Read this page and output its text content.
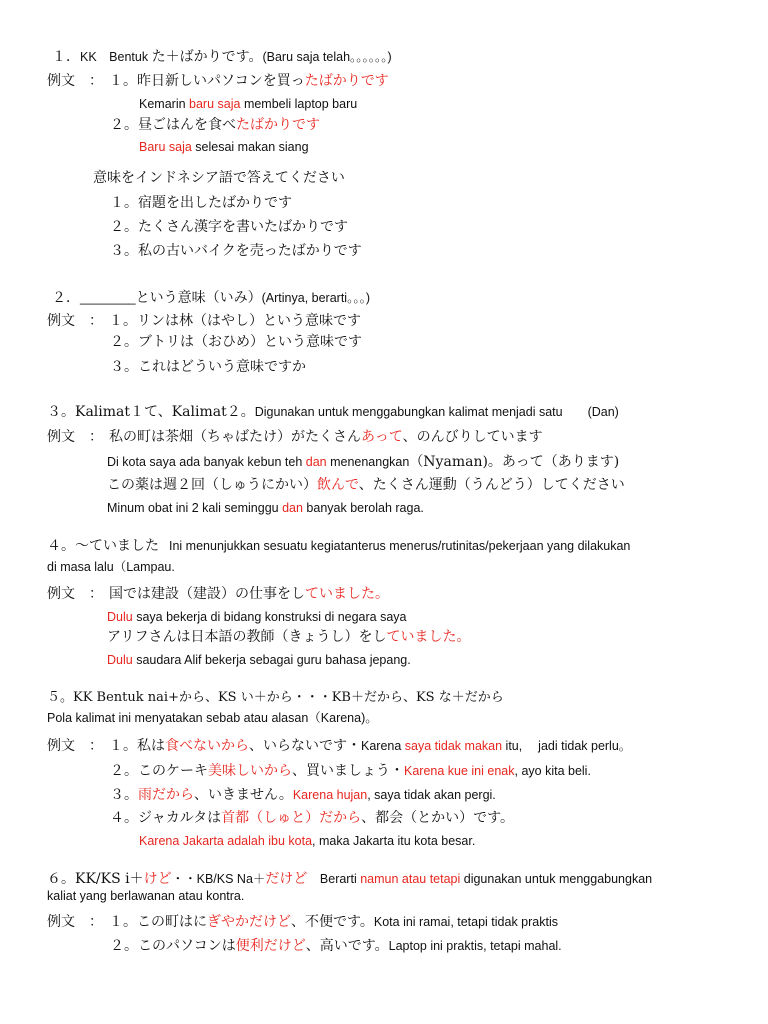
１．KK　Bentuk た＋ばかりです。(Baru saja telah。。。。。。)
例文　： １。昨日新しいパソコンを買ったばかりです
Kemarin baru saja membeli laptop baru
２。昼ごはんを食べたばかりです
Baru saja selesai makan siang
意味をインドネシア語で答えてください
１。宿題を出したばかりです
２。たくさん漢字を書いたばかりです
３。私の古いバイクを売ったばかりです
２．________という意味（いみ）(Artinya, berarti。。。)
例文　： １。リンは林（はやし）という意味です
２。ブトリは（おひめ）という意味です
３。これはどういう意味ですか
３。Kalimat１て、Kalimat２。Digunakan untuk menggabungkan kalimat menjadi satu　　(Dan)
例文　： 私の町は茶畑（ちゃばたけ）がたくさんあって、のんびりしています
Di kota saya ada banyak kebun teh dan menenangkan（Nyaman)。あって（あります)
この薬は週２回（しゅうにかい）飲んで、たくさん運動（うんどう）してください
Minum obat ini 2 kali seminggu dan banyak berolah raga.
４。〜ていました Ini menunjukkan sesuatu kegiatanterus menerus/rutinitas/pekerjaan yang dilakukan
di masa lalu（Lampau.
例文　： 国では建設（建設）の仕事をしていました。
Dulu saya bekerja di bidang konstruksi di negara saya
アリフさんは日本語の教師（きょうし）をしていました。
Dulu saudara Alif bekerja sebagai guru bahasa jepang.
５。KK Bentuk nai+から、KS い＋から・・・KB＋だから、KS な＋だから
Pola kalimat ini menyatakan sebab atau alasan（Karena)。
例文　： １。私は食べないから、いらないです・Karena saya tidak makan itu,　 jadi tidak perlu。
２。このケーキ美味しいから、買いましょう・Karena kue ini enak, ayo kita beli.
３。雨だから、いきません。Karena hujan, saya tidak akan pergi.
４。ジャカルタは首都（しゅと）だから、都会（とかい）です。
Karena Jakarta adalah ibu kota, maka Jakarta itu kota besar.
６。KK/KS i＋けど・・KB/KS Na＋だけど　Berarti namun atau tetapi digunakan untuk menggabungkan
kaliat yang berlawanan atau kontra.
例文　： １。この町はにぎやかだけど、不便です。Kota ini ramai, tetapi tidak praktis
２。このパソコンは便利だけど、高いです。Laptop ini praktis, tetapi mahal.
